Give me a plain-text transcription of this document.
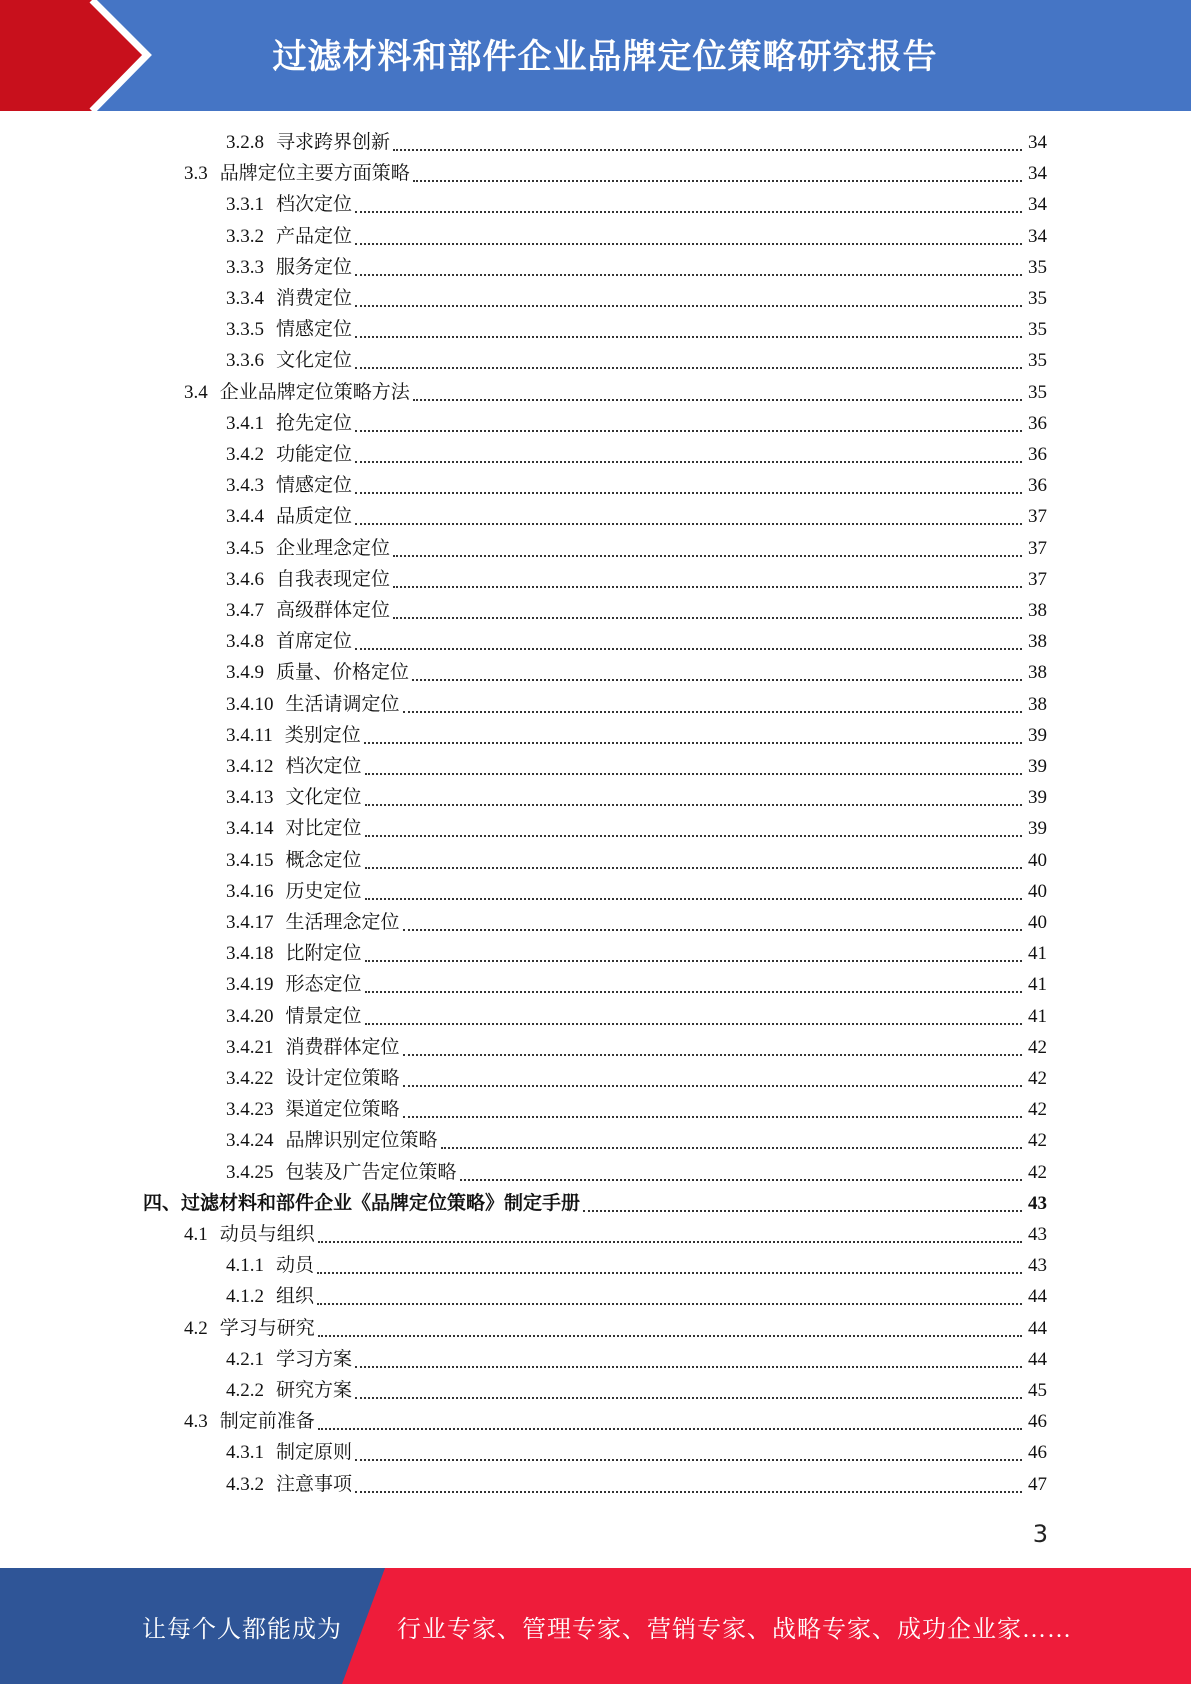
过滤材料和部件企业品牌定位策略研究报告
3.2.8 寻求跨界创新	34
3.3 品牌定位主要方面策略	34
3.3.1 档次定位	34
3.3.2 产品定位	34
3.3.3 服务定位	35
3.3.4 消费定位	35
3.3.5 情感定位	35
3.3.6 文化定位	35
3.4 企业品牌定位策略方法	35
3.4.1 抢先定位	36
3.4.2 功能定位	36
3.4.3 情感定位	36
3.4.4 品质定位	37
3.4.5 企业理念定位	37
3.4.6 自我表现定位	37
3.4.7 高级群体定位	38
3.4.8 首席定位	38
3.4.9 质量、价格定位	38
3.4.10 生活请调定位	38
3.4.11 类别定位	39
3.4.12 档次定位	39
3.4.13 文化定位	39
3.4.14 对比定位	39
3.4.15 概念定位	40
3.4.16 历史定位	40
3.4.17 生活理念定位	40
3.4.18 比附定位	41
3.4.19 形态定位	41
3.4.20 情景定位	41
3.4.21 消费群体定位	42
3.4.22 设计定位策略	42
3.4.23 渠道定位策略	42
3.4.24 品牌识别定位策略	42
3.4.25 包装及广告定位策略	42
四、 过滤材料和部件企业《品牌定位策略》制定手册	43
4.1 动员与组织	43
4.1.1 动员	43
4.1.2 组织	44
4.2 学习与研究	44
4.2.1 学习方案	44
4.2.2 研究方案	45
4.3 制定前准备	46
4.3.1 制定原则	46
4.3.2 注意事项	47
3
让每个人都能成为 行业专家、管理专家、营销专家、战略专家、成功企业家……
